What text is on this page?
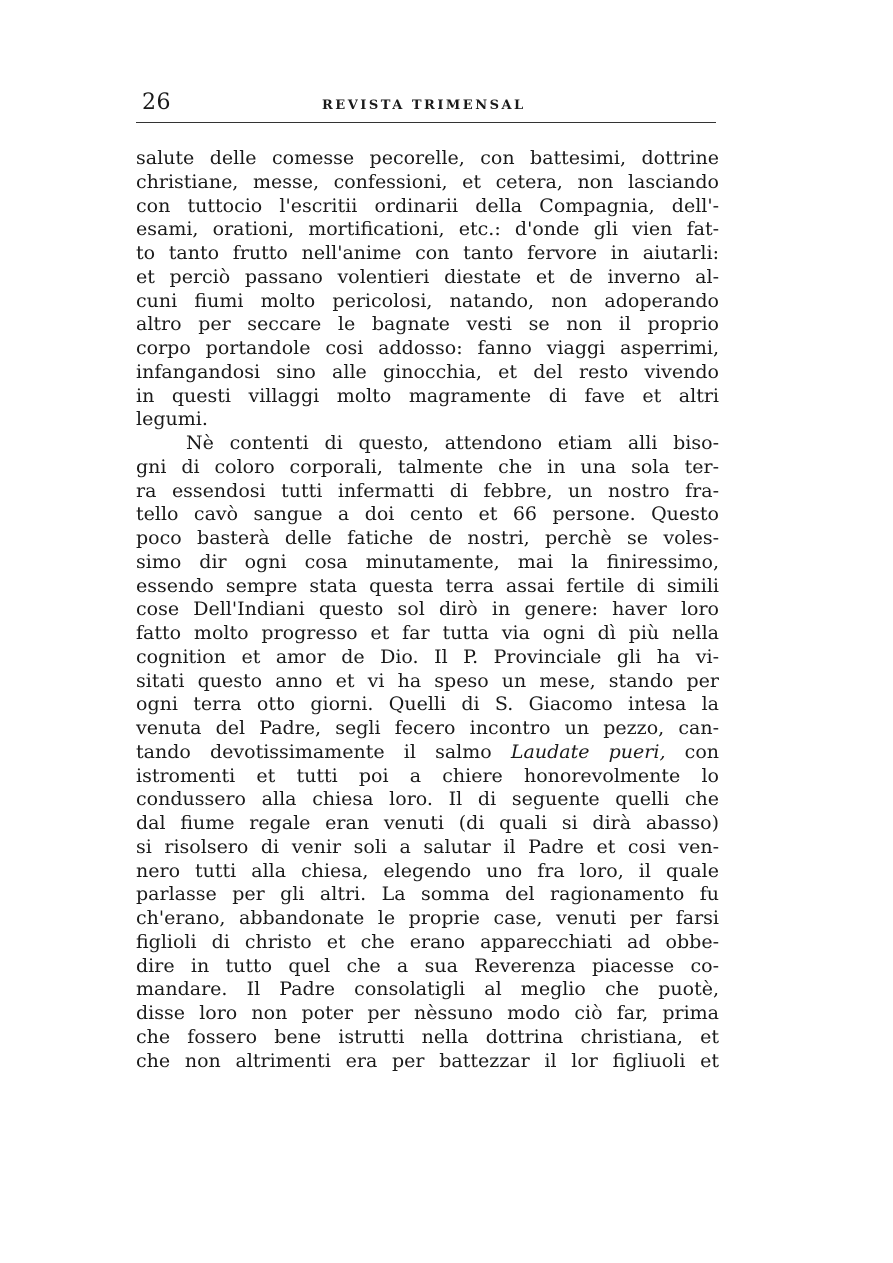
26	REVISTA TRIMENSAL
salute delle comesse pecorelle, con battesimi, dottrine
christiane, messe, confessioni, et cetera, non lasciando
con tuttocio l'escritii ordinarii della Compagnia, dell'-
esami, orationi, mortificationi, etc.: d'onde gli vien fat-
to tanto frutto nell'anime con tanto fervore in aiutarli:
et perciò passano volentieri diestate et de inverno al-
cuni fiumi molto pericolosi, natando, non adoperando
altro per seccare le bagnate vesti se non il proprio
corpo portandole cosi addosso: fanno viaggi asperrimi,
infangandosi sino alle ginocchia, et del resto vivendo
in questi villaggi molto magramente di fave et altri
legumi.
Nè contenti di questo, attendono etiam alli biso-
gni di coloro corporali, talmente che in una sola ter-
ra essendosi tutti infermatti di febbre, un nostro fra-
tello cavò sangue a doi cento et 66 persone. Questo
poco basterà delle fatiche de nostri, perchè se voles-
simo dir ogni cosa minutamente, mai la finiressimo,
essendo sempre stata questa terra assai fertile di simili
cose Dell'Indiani questo sol dirò in genere: haver loro
fatto molto progresso et far tutta via ogni dì più nella
cognition et amor de Dio. Il P. Provinciale gli ha vi-
sitati questo anno et vi ha speso un mese, stando per
ogni terra otto giorni. Quelli di S. Giacomo intesa la
venuta del Padre, segli fecero incontro un pezzo, can-
tando devotissimamente il salmo Laudate pueri, con
istromenti et tutti poi a chiere honorevolmente lo
condussero alla chiesa loro. Il di seguente quelli che
dal fiume regale eran venuti (di quali si dirà abasso)
si risolsero di venir soli a salutar il Padre et cosi ven-
nero tutti alla chiesa, elegendo uno fra loro, il quale
parlasse per gli altri. La somma del ragionamento fu
ch'erano, abbandonate le proprie case, venuti per farsi
figlioli di christo et che erano apparecchiati ad obbe-
dire in tutto quel che a sua Reverenza piacesse co-
mandare. Il Padre consolatigli al meglio che puotè,
disse loro non poter per nèssuno modo ciò far, prima
che fossero bene istrutti nella dottrina christiana, et
che non altrimenti era per battezzar il lor figliuoli et
